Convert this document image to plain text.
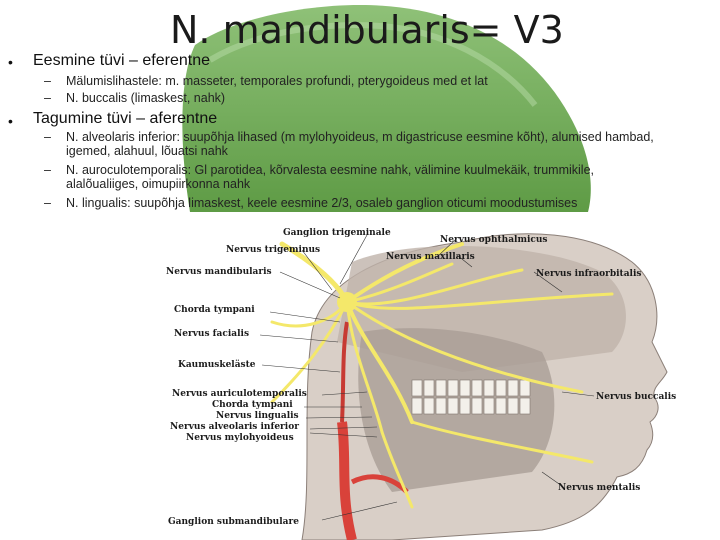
N. mandibularis= V3
• Eesmine tüvi – eferentne
– Mälumislihastele: m. masseter, temporales profundi, pterygoideus med et lat
– N. buccalis (limaskest, nahk)
• Tagumine tüvi – aferentne
– N. alveolaris inferior: suupõhja lihased (m mylohyoideus, m digastricuse eesmine kõht), alumised hambad,
igemed, alahuul, lõuatsi nahk
– N. auroculotemporalis: Gl parotidea, kõrvalesta eesmine nahk, välimine kuulmekäik, trummikile,
alalõualiiges, oimupiirkonna nahk
– N. lingualis: suupõhja limaskest, keele eesmine 2/3, osaleb ganglion oticumi moodustumises
Ganglion trigeminale
Nervus trigeminus
Nervus mandibularis
Chorda tympani
Nervus facialis
Kaumuskeläste
Nervus auriculotemporalis
Chorda tympani
Nervus lingualis
Nervus alveolaris inferior
Nervus mylohyoideus
Ganglion submandibulare
Nervus ophthalmicus
Nervus maxillaris
Nervus infraorbitalis
Nervus buccalis
Nervus mentalis
